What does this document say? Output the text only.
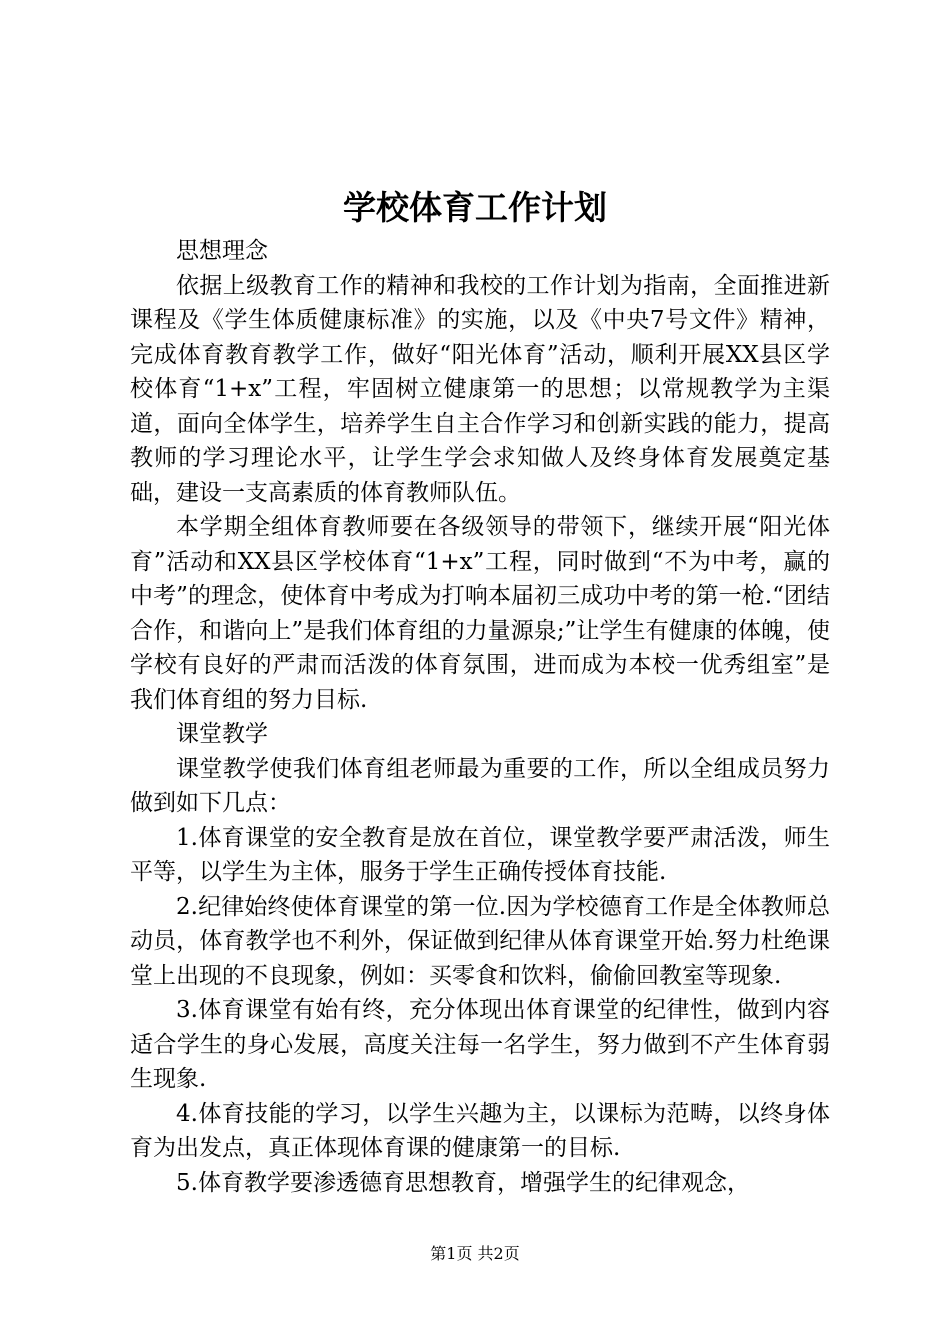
学校体育工作计划

思想理念

依据上级教育工作的精神和我校的工作计划为指南，全面推进新课程及《学生体质健康标准》的实施，以及《中央7号文件》精神，完成体育教育教学工作，做好“阳光体育”活动，顺利开展XX县区学校体育“1+x”工程，牢固树立健康第一的思想；以常规教学为主渠道，面向全体学生，培养学生自主合作学习和创新实践的能力，提高教师的学习理论水平，让学生学会求知做人及终身体育发展奠定基础，建设一支高素质的体育教师队伍。

本学期全组体育教师要在各级领导的带领下，继续开展“阳光体育”活动和XX县区学校体育“1+x”工程，同时做到“不为中考，赢的中考”的理念，使体育中考成为打响本届初三成功中考的第一枪.“团结合作，和谐向上”是我们体育组的力量源泉;”让学生有健康的体魄，使学校有良好的严肃而活泼的体育氛围，进而成为本校一优秀组室”是我们体育组的努力目标.

课堂教学

课堂教学使我们体育组老师最为重要的工作，所以全组成员努力做到如下几点：

1.体育课堂的安全教育是放在首位，课堂教学要严肃活泼，师生平等，以学生为主体，服务于学生正确传授体育技能.

2.纪律始终使体育课堂的第一位.因为学校德育工作是全体教师总动员，体育教学也不利外，保证做到纪律从体育课堂开始.努力杜绝课堂上出现的不良现象，例如：买零食和饮料，偷偷回教室等现象.

3.体育课堂有始有终，充分体现出体育课堂的纪律性，做到内容适合学生的身心发展，高度关注每一名学生，努力做到不产生体育弱生现象.

4.体育技能的学习，以学生兴趣为主，以课标为范畴，以终身体育为出发点，真正体现体育课的健康第一的目标.

5.体育教学要渗透德育思想教育，增强学生的纪律观念，

第1页 共2页
